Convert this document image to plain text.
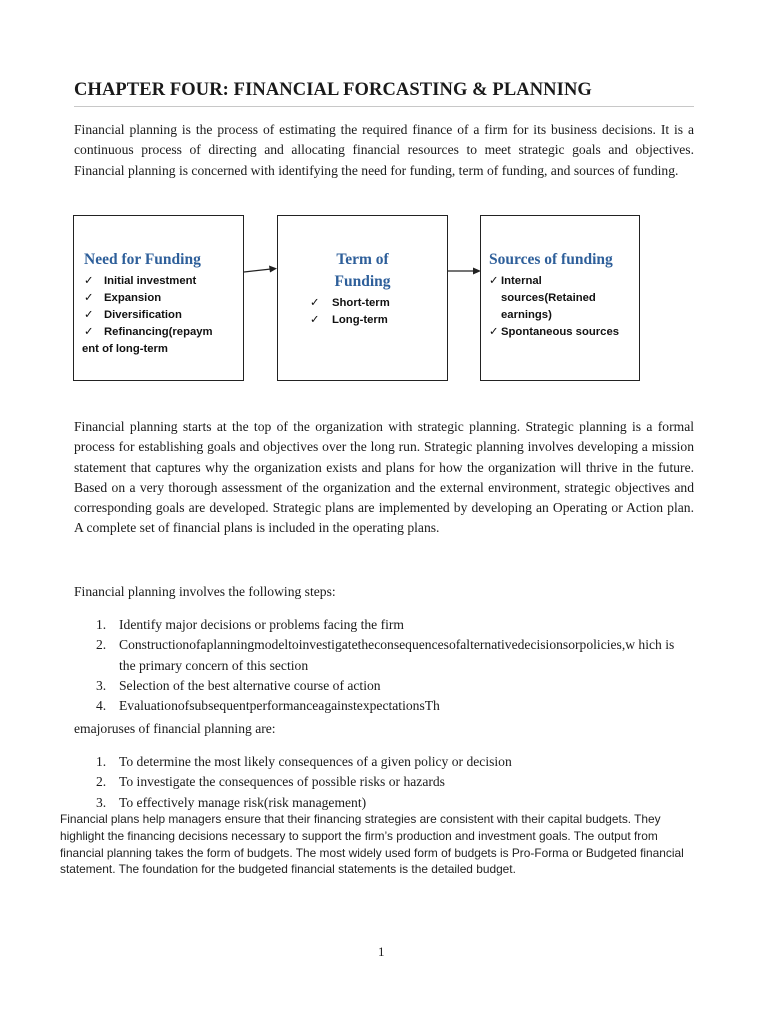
CHAPTER FOUR: FINANCIAL FORCASTING & PLANNING

Financial planning is the process of estimating the required finance of a firm for its business decisions. It is a continuous process of directing and allocating financial resources to meet strategic goals and objectives. Financial planning is concerned with identifying the need for funding, term of funding, and sources of funding.

Need for Funding
✓ Initial investment
✓ Expansion
✓ Diversification
✓ Refinancing(repaym
ent of long-term
Term of
Funding
✓ Short-term
✓ Long-term
Sources of funding
✓ Internal sources(Retained earnings)
✓ Spontaneous sources

Financial planning starts at the top of the organization with strategic planning. Strategic planning is a formal process for establishing goals and objectives over the long run. Strategic planning involves developing a mission statement that captures why the organization exists and plans for how the organization will thrive in the future. Based on a very thorough assessment of the organization and the external environment, strategic objectives and corresponding goals are developed. Strategic plans are implemented by developing an Operating or Action plan. A complete set of financial plans is included in the operating plans.

Financial planning involves the following steps:

1. Identify major decisions or problems facing the firm
2. Constructionofaplanningmodeltoinvestigatetheconsequencesofalternativedecisionsorpolicies,w hich is the primary concern of this section
3. Selection of the best alternative course of action
4. EvaluationofsubsequentperformanceagainstexpectationsTh

emajoruses of financial planning are:

1. To determine the most likely consequences of a given policy or decision
2. To investigate the consequences of possible risks or hazards
3. To effectively manage risk(risk management)

Financial plans help managers ensure that their financing strategies are consistent with their capital budgets. They highlight the financing decisions necessary to support the firm’s production and investment goals. The output from financial planning takes the form of budgets. The most widely used form of budgets is Pro-Forma or Budgeted financial statement. The foundation for the budgeted financial statements is the detailed budget.

1
